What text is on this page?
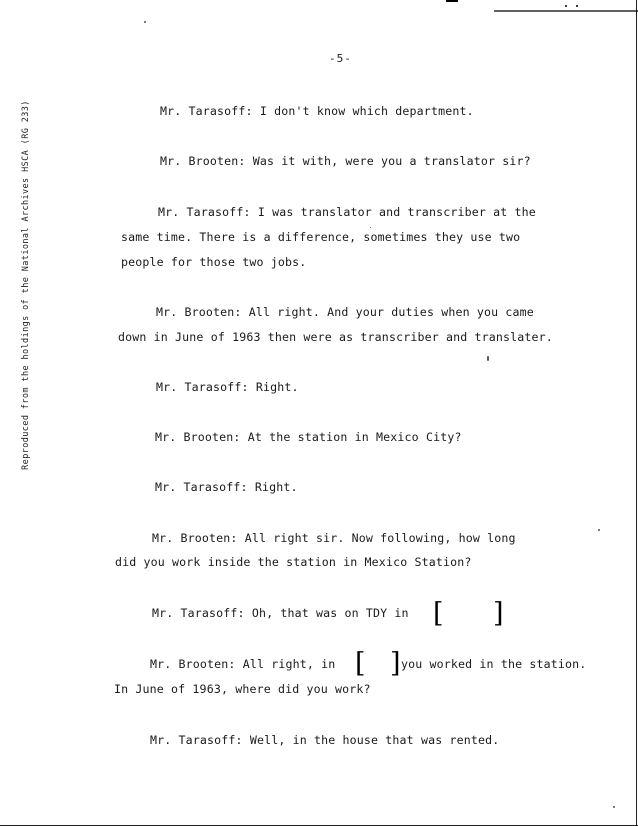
Reproduced from the holdings of the National Archives HSCA (RG 233)
-5-
Mr. Tarasoff: I don't know which department.
Mr. Brooten: Was it with, were you a translator sir?
Mr. Tarasoff: I was translator and transcriber at the
same time. There is a difference, sometimes they use two
people for those two jobs.
Mr. Brooten: All right. And your duties when you came
down in June of 1963 then were as transcriber and translater.
Mr. Tarasoff: Right.
Mr. Brooten: At the station in Mexico City?
Mr. Tarasoff: Right.
Mr. Brooten: All right sir. Now following, how long
did you work inside the station in Mexico Station?
Mr. Tarasoff: Oh, that was on TDY in
Mr. Brooten: All right, in	you worked in the station.
In June of 1963, where did you work?
Mr. Tarasoff: Well, in the house that was rented.
[ ]
[ ]
